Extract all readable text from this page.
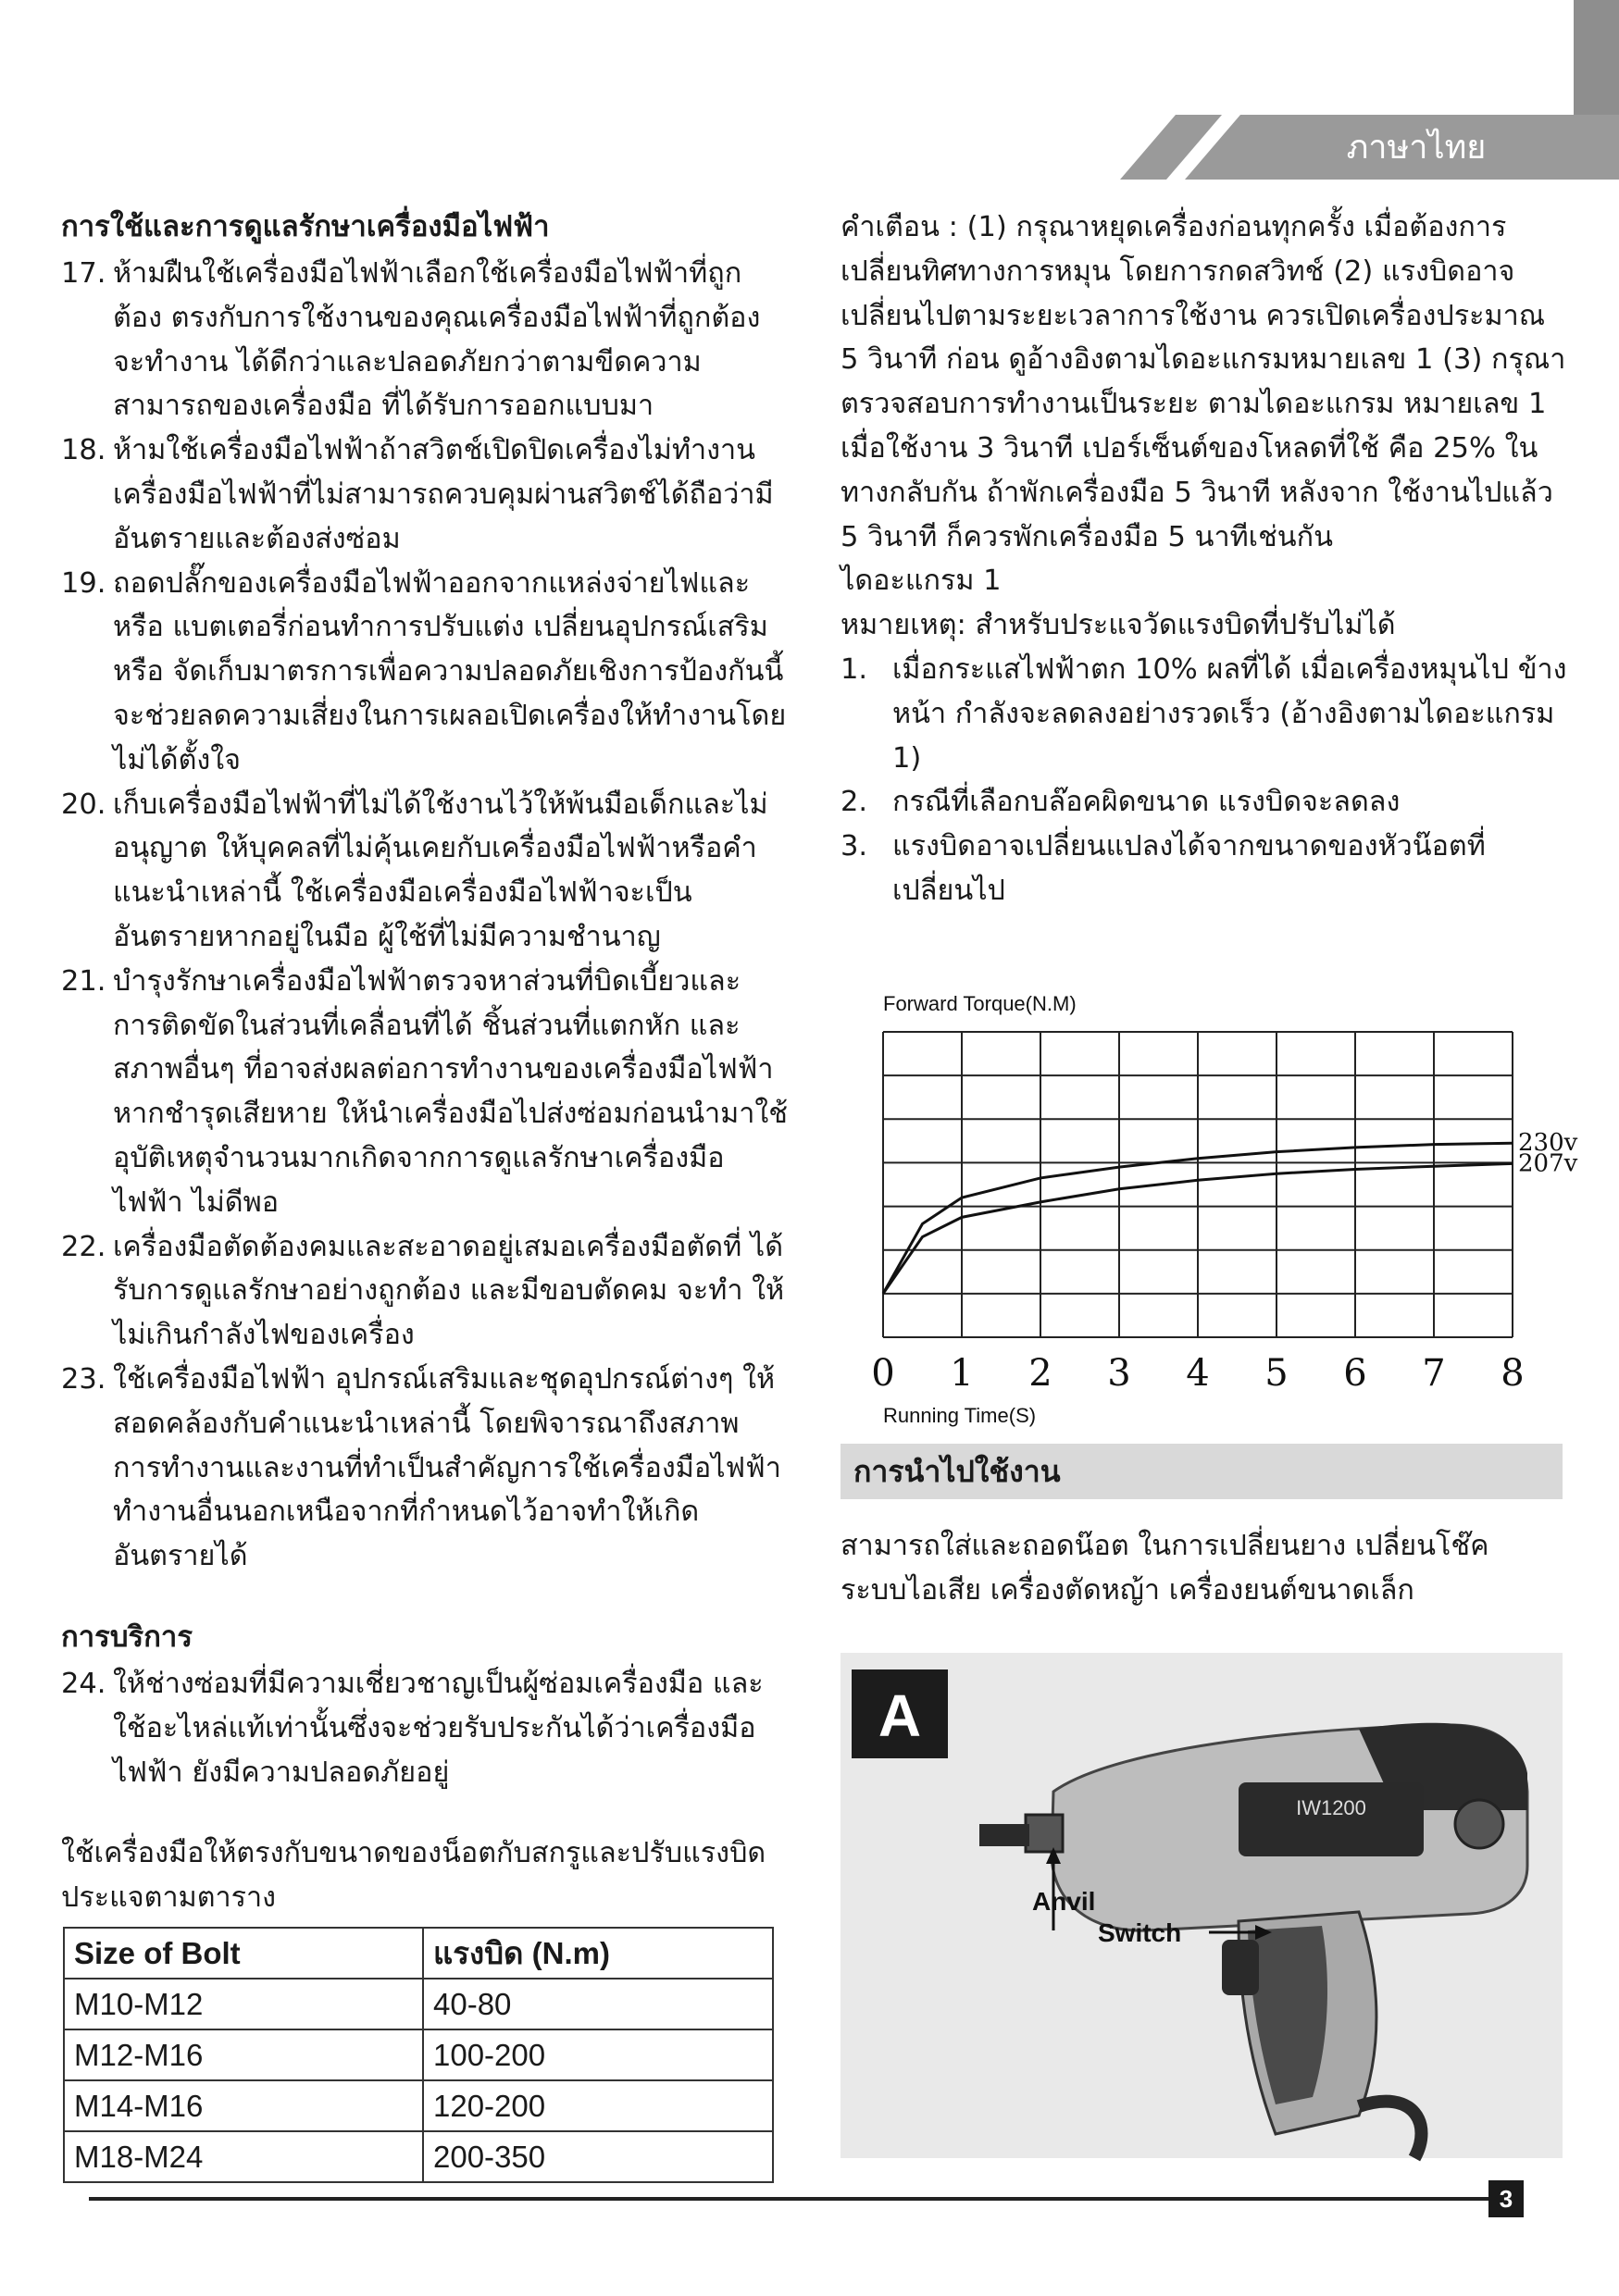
ภาษาไทย
การใช้และการดูแลรักษาเครื่องมือไฟฟ้า
17. ห้ามฝืนใช้เครื่องมือไฟฟ้าเลือกใช้เครื่องมือไฟฟ้าที่ถูกต้อง ตรงกับการใช้งานของคุณเครื่องมือไฟฟ้าที่ถูกต้องจะทำงาน ได้ดีกว่าและปลอดภัยกว่าตามขีดความสามารถของเครื่องมือ ที่ได้รับการออกแบบมา
18. ห้ามใช้เครื่องมือไฟฟ้าถ้าสวิตช์เปิดปิดเครื่องไม่ทำงาน เครื่องมือไฟฟ้าที่ไม่สามารถควบคุมผ่านสวิตช์ได้ถือว่ามี อันตรายและต้องส่งซ่อม
19. ถอดปลั๊กของเครื่องมือไฟฟ้าออกจากแหล่งจ่ายไฟและหรือ แบตเตอรี่ก่อนทำการปรับแต่ง เปลี่ยนอุปกรณ์เสริมหรือ จัดเก็บมาตรการเพื่อความปลอดภัยเชิงการป้องกันนี้ จะช่วยลดความเสี่ยงในการเผลอเปิดเครื่องให้ทำงานโดย ไม่ได้ตั้งใจ
20. เก็บเครื่องมือไฟฟ้าที่ไม่ได้ใช้งานไว้ให้พ้นมือเด็กและไม่อนุญาต ให้บุคคลที่ไม่คุ้นเคยกับเครื่องมือไฟฟ้าหรือคำแนะนำเหล่านี้ ใช้เครื่องมือเครื่องมือไฟฟ้าจะเป็นอันตรายหากอยู่ในมือ ผู้ใช้ที่ไม่มีความชำนาญ
21. บำรุงรักษาเครื่องมือไฟฟ้าตรวจหาส่วนที่บิดเบี้ยวและ การติดขัดในส่วนที่เคลื่อนที่ได้ ชิ้นส่วนที่แตกหัก และ สภาพอื่นๆ ที่อาจส่งผลต่อการทำงานของเครื่องมือไฟฟ้า หากชำรุดเสียหาย ให้นำเครื่องมือไปส่งซ่อมก่อนนำมาใช้ อุบัติเหตุจำนวนมากเกิดจากการดูแลรักษาเครื่องมือไฟฟ้า ไม่ดีพอ
22. เครื่องมือตัดต้องคมและสะอาดอยู่เสมอเครื่องมือตัดที่ ได้รับการดูแลรักษาอย่างถูกต้อง และมีขอบตัดคม จะทำ ให้ไม่เกินกำลังไฟของเครื่อง
23. ใช้เครื่องมือไฟฟ้า อุปกรณ์เสริมและชุดอุปกรณ์ต่างๆ ให้สอดคล้องกับคำแนะนำเหล่านี้ โดยพิจารณาถึงสภาพ การทำงานและงานที่ทำเป็นสำคัญการใช้เครื่องมือไฟฟ้า ทำงานอื่นนอกเหนือจากที่กำหนดไว้อาจทำให้เกิดอันตรายได้
การบริการ
24. ให้ช่างซ่อมที่มีความเชี่ยวชาญเป็นผู้ซ่อมเครื่องมือ และ ใช้อะไหล่แท้เท่านั้นซึ่งจะช่วยรับประกันได้ว่าเครื่องมือไฟฟ้า ยังมีความปลอดภัยอยู่

ใช้เครื่องมือให้ตรงกับขนาดของน็อตกับสกรูและปรับแรงบิด ประแจตามตาราง

Size of Bolt	แรงบิด (N.m)
M10-M12	40-80
M12-M16	100-200
M14-M16	120-200
M18-M24	200-350

คำเตือน : (1) กรุณาหยุดเครื่องก่อนทุกครั้ง เมื่อต้องการ เปลี่ยนทิศทางการหมุน โดยการกดสวิทช์ (2) แรงบิดอาจ เปลี่ยนไปตามระยะเวลาการใช้งาน ควรเปิดเครื่องประมาณ 5 วินาที ก่อน ดูอ้างอิงตามไดอะแกรมหมายเลข 1 (3) กรุณาตรวจสอบการทำงานเป็นระยะ ตามไดอะแกรม หมายเลข 1 เมื่อใช้งาน 3 วินาที เปอร์เซ็นต์ของโหลดที่ใช้ คือ 25% ในทางกลับกัน ถ้าพักเครื่องมือ 5 วินาที หลังจาก ใช้งานไปแล้ว 5 วินาที ก็ควรพักเครื่องมือ 5 นาทีเช่นกัน

ไดอะแกรม 1

หมายเหตุ: สำหรับประแจวัดแรงบิดที่ปรับไม่ได้

1. เมื่อกระแสไฟฟ้าตก 10% ผลที่ได้ เมื่อเครื่องหมุนไป ข้างหน้า กำลังจะลดลงอย่างรวดเร็ว (อ้างอิงตามไดอะแกรม 1)
2. กรณีที่เลือกบล๊อคผิดขนาด แรงบิดจะลดลง
3. แรงบิดอาจเปลี่ยนแปลงได้จากขนาดของหัวน๊อตที่ เปลี่ยนไป
Forward Torque(N.M)
230v
207v
0 1 2 3 4 5 6 7 8
Running Time(S)
การนำไปใช้งาน
สามารถใส่และถอดน๊อต ในการเปลี่ยนยาง เปลี่ยนโช๊ค ระบบไอเสีย เครื่องตัดหญ้า เครื่องยนต์ขนาดเล็ก
A
IW1200
Anvil
Switch
3
